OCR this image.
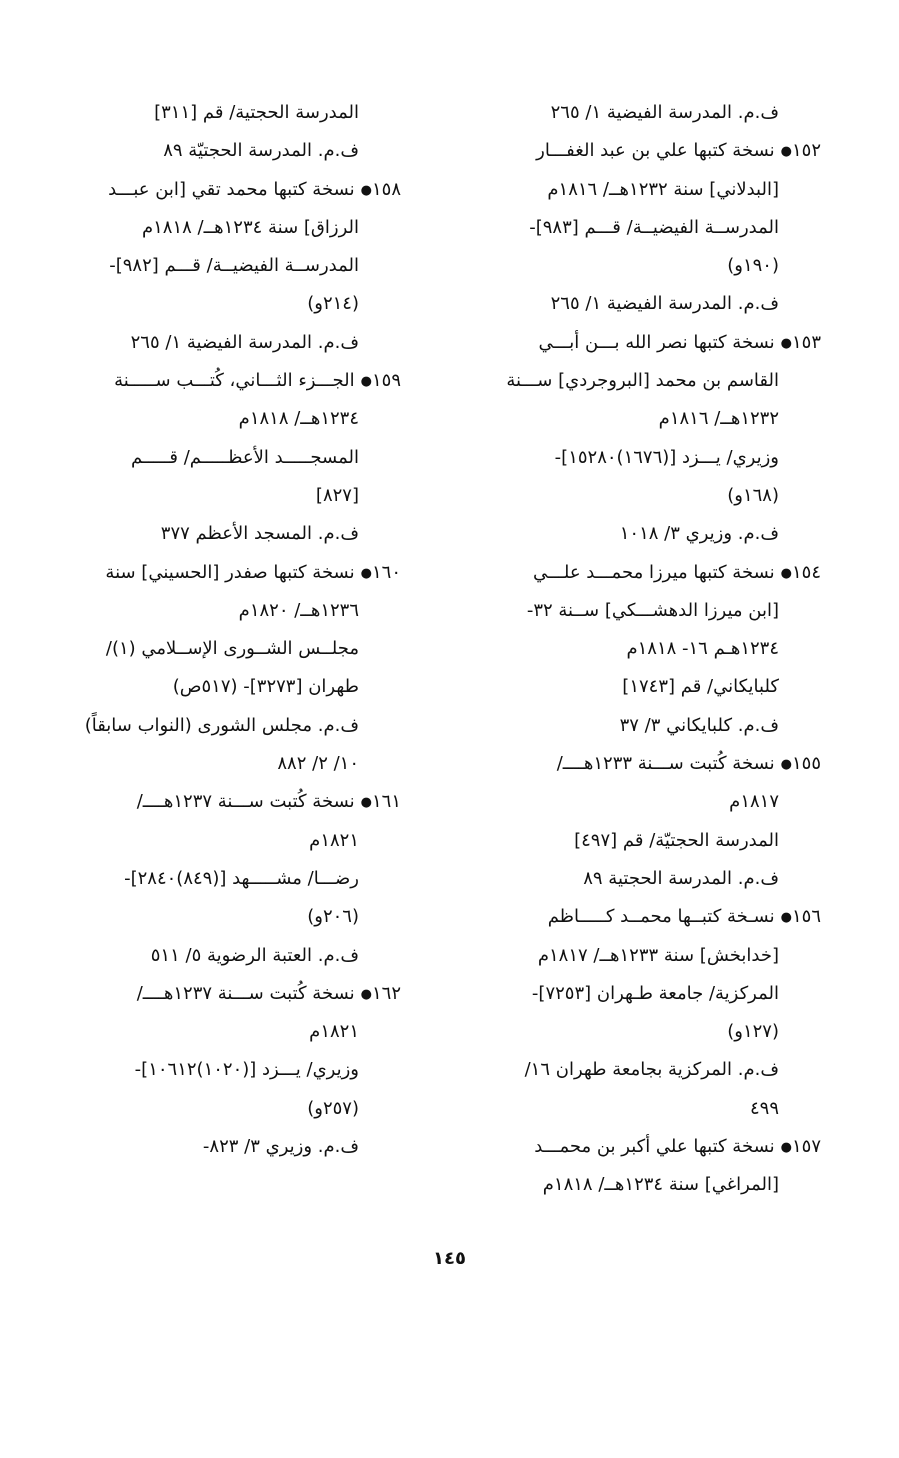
ف.م. المدرسة الفيضية ١/ ٢٦٥
١٥٢●نسخة كتبها علي بن عبد الغفـــار
[البدلاني] سنة ١٢٣٢هــ/ ١٨١٦م
المدرســة الفيضيــة/ قـــم [٩٨٣]-
(١٩٠و)
ف.م. المدرسة الفيضية ١/ ٢٦٥
١٥٣●نسخة كتبها نصر الله بـــن أبـــي
القاسم بن محمد [البروجردي] ســـنة
١٢٣٢هــ/ ١٨١٦م
وزيري/ يـــزد [(١٦٧٦)١٥٢٨٠]-
(١٦٨و)
ف.م. وزيري ٣/ ١٠١٨
١٥٤●نسخة كتبها ميرزا محمـــد علـــي
[ابن ميرزا الدهشـــكي] ســنة ٣٢-
١٢٣٤هـم ١٦- ١٨١٨م
كلبايكاني/ قم [١٧٤٣]
ف.م. كلبايكاني ٣/ ٣٧
١٥٥●نسخة كُتبت ســـنة ١٢٣٣هــــ/
١٨١٧م
المدرسة الحجتيّة/ قم [٤٩٧]
ف.م. المدرسة الحجتية ٨٩
١٥٦●نسـخة كتبــها محمــد كـــــاظم
[خدابخش] سنة ١٢٣٣هــ/ ١٨١٧م
المركزية/ جامعة طـهران [٧٢٥٣]-
(١٢٧و)
ف.م. المركزية بجامعة طهران ١٦/
٤٩٩
١٥٧●نسخة كتبها علي أكبر بن محمـــد
[المراغي] سنة ١٢٣٤هــ/ ١٨١٨م
المدرسة الحجتية/ قم [٣١١]
ف.م. المدرسة الحجتيّة ٨٩
١٥٨●نسخة كتبها محمد تقي [ابن عبـــد
الرزاق] سنة ١٢٣٤هــ/ ١٨١٨م
المدرســة الفيضيــة/ قـــم [٩٨٢]-
(٢١٤و)
ف.م. المدرسة الفيضية ١/ ٢٦٥
١٥٩●الجـــزء الثـــاني، كُتـــب ســـــنة
١٢٣٤هــ/ ١٨١٨م
المسجـــــد الأعظـــــم/ قـــــم
[٨٢٧]
ف.م. المسجد الأعظم ٣٧٧
١٦٠●نسخة كتبها صفدر [الحسيني] سنة
١٢٣٦هــ/ ١٨٢٠م
مجلــس الشــورى الإســلامي (١)/
طهران [٣٢٧٣]- (٥١٧ص)
ف.م. مجلس الشورى (النواب سابقاً)
١٠/ ٢/ ٨٨٢
١٦١●نسخة كُتبت ســـنة ١٢٣٧هــــ/
١٨٢١م
رضـــا/ مشـــــهد [(٨٤٩)٢٨٤٠]-
(٢٠٦و)
ف.م. العتبة الرضوية ٥/ ٥١١
١٦٢●نسخة كُتبت ســـنة ١٢٣٧هــــ/
١٨٢١م
وزيري/ يـــزد [(١٠٢٠)١٠٦١٢]-
(٢٥٧و)
ف.م. وزيري ٣/ ٨٢٣-
١٤٥
